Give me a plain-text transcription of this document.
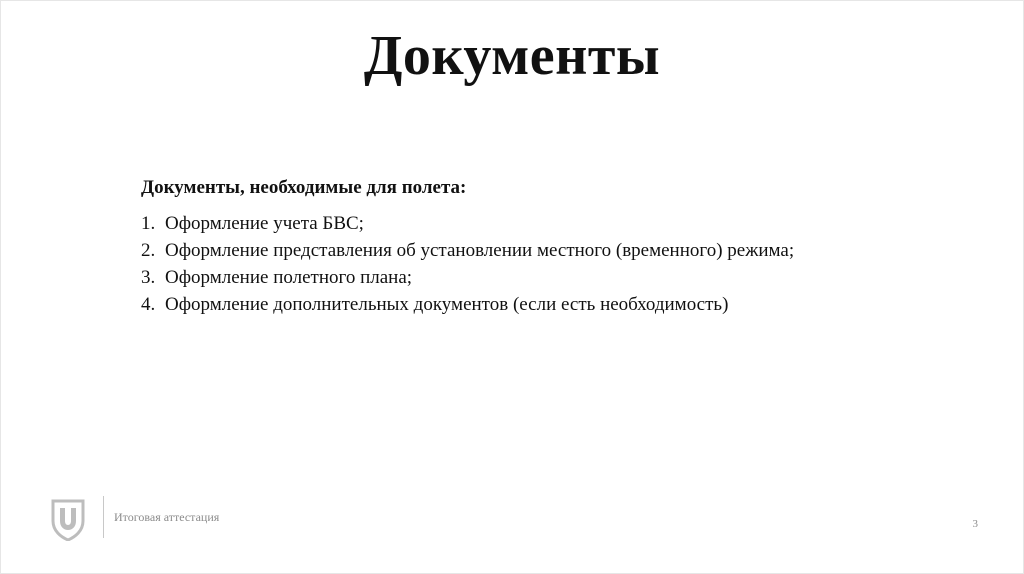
Документы
Документы, необходимые для полета:
1. Оформление учета БВС;
2. Оформление представления об установлении местного (временного) режима;
3. Оформление полетного плана;
4. Оформление дополнительных документов (если есть необходимость)
Итоговая аттестация	3
